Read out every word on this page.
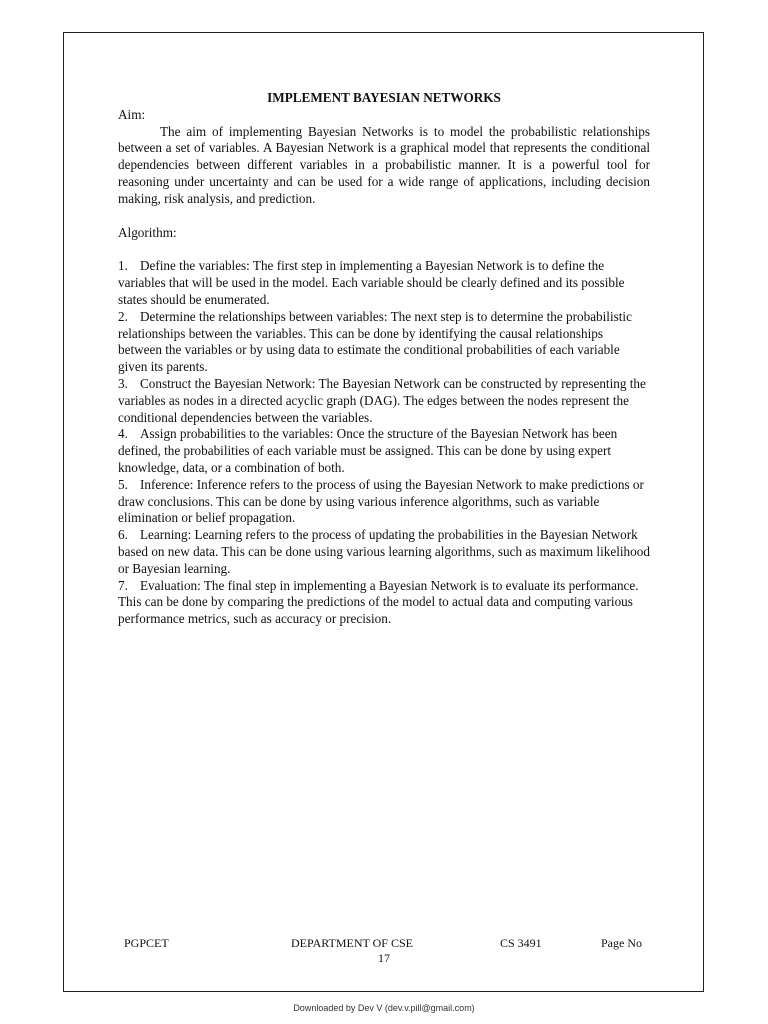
IMPLEMENT BAYESIAN NETWORKS

Aim:

The aim of implementing Bayesian Networks is to model the probabilistic relationships between a set of variables. A Bayesian Network is a graphical model that represents the conditional dependencies between different variables in a probabilistic manner. It is a powerful tool for reasoning under uncertainty and can be used for a wide range of applications, including decision making, risk analysis, and prediction.

Algorithm:

1. Define the variables: The first step in implementing a Bayesian Network is to define the variables that will be used in the model. Each variable should be clearly defined and its possible states should be enumerated.
2. Determine the relationships between variables: The next step is to determine the probabilistic relationships between the variables. This can be done by identifying the causal relationships between the variables or by using data to estimate the conditional probabilities of each variable given its parents.
3. Construct the Bayesian Network: The Bayesian Network can be constructed by representing the variables as nodes in a directed acyclic graph (DAG). The edges between the nodes represent the conditional dependencies between the variables.
4. Assign probabilities to the variables: Once the structure of the Bayesian Network has been defined, the probabilities of each variable must be assigned. This can be done by using expert knowledge, data, or a combination of both.
5. Inference: Inference refers to the process of using the Bayesian Network to make predictions or draw conclusions. This can be done by using various inference algorithms, such as variable elimination or belief propagation.
6. Learning: Learning refers to the process of updating the probabilities in the Bayesian Network based on new data. This can be done using various learning algorithms, such as maximum likelihood or Bayesian learning.
7. Evaluation: The final step in implementing a Bayesian Network is to evaluate its performance. This can be done by comparing the predictions of the model to actual data and computing various performance metrics, such as accuracy or precision.
PGPCET	DEPARTMENT OF CSE	CS 3491	Page No
17
Downloaded by Dev V (dev.v.pill@gmail.com)
